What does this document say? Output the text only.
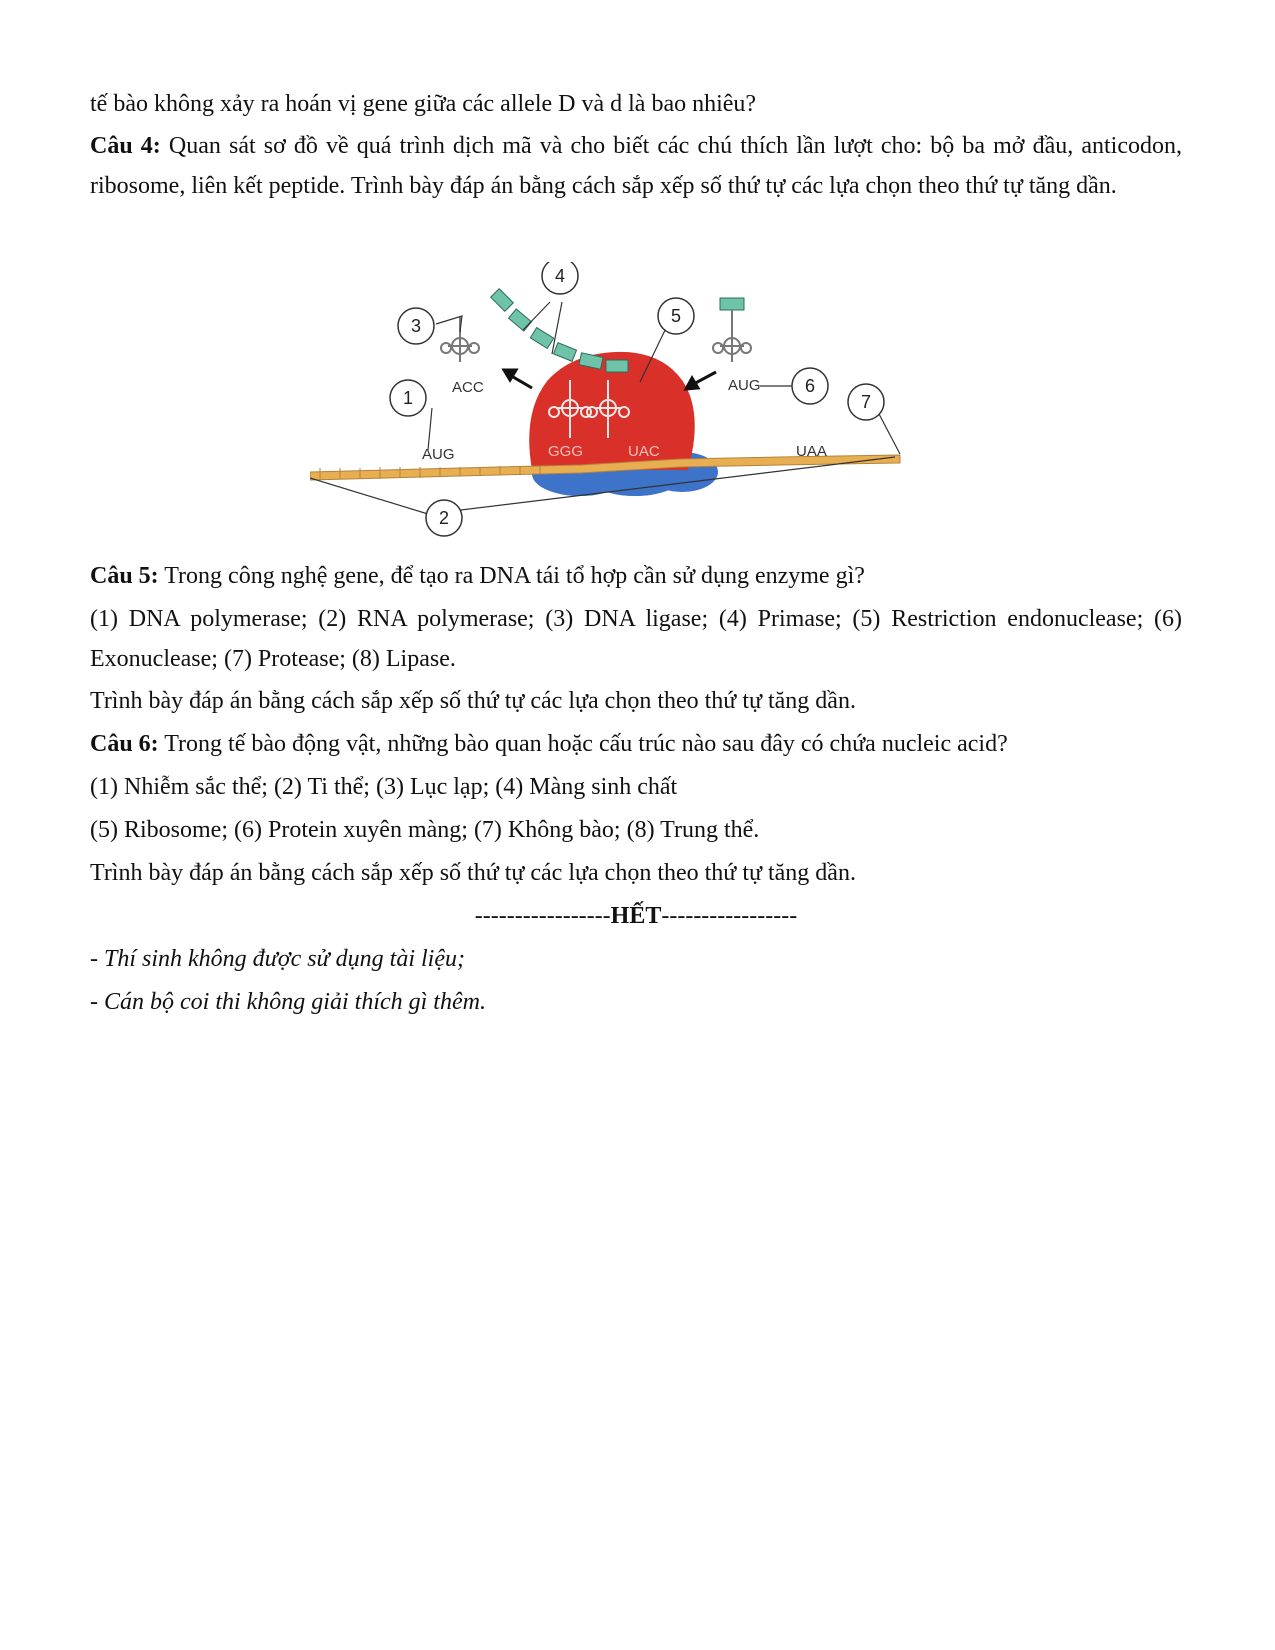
tế bào không xảy ra hoán vị gene giữa các allele D và d là bao nhiêu?

Câu 4: Quan sát sơ đồ về quá trình dịch mã và cho biết các chú thích lần lượt cho: bộ ba mở đầu, anticodon, ribosome, liên kết peptide. Trình bày đáp án bằng cách sắp xếp số thứ tự các lựa chọn theo thứ tự tăng dần.

ACC
AUG	GGG	UAC	UAA
AUG
1
2
3
4
5
6
7

Câu 5: Trong công nghệ gene, để tạo ra DNA tái tổ hợp cần sử dụng enzyme gì?

(1) DNA polymerase; (2) RNA polymerase; (3) DNA ligase; (4) Primase; (5) Restriction endonuclease; (6) Exonuclease; (7) Protease; (8) Lipase.

Trình bày đáp án bằng cách sắp xếp số thứ tự các lựa chọn theo thứ tự tăng dần.

Câu 6: Trong tế bào động vật, những bào quan hoặc cấu trúc nào sau đây có chứa nucleic acid?

(1) Nhiễm sắc thể; (2) Ti thể; (3) Lục lạp; (4) Màng sinh chất

(5) Ribosome; (6) Protein xuyên màng; (7) Không bào; (8) Trung thể.

Trình bày đáp án bằng cách sắp xếp số thứ tự các lựa chọn theo thứ tự tăng dần.

-----------------HẾT-----------------

- Thí sinh không được sử dụng tài liệu;

- Cán bộ coi thi không giải thích gì thêm.
